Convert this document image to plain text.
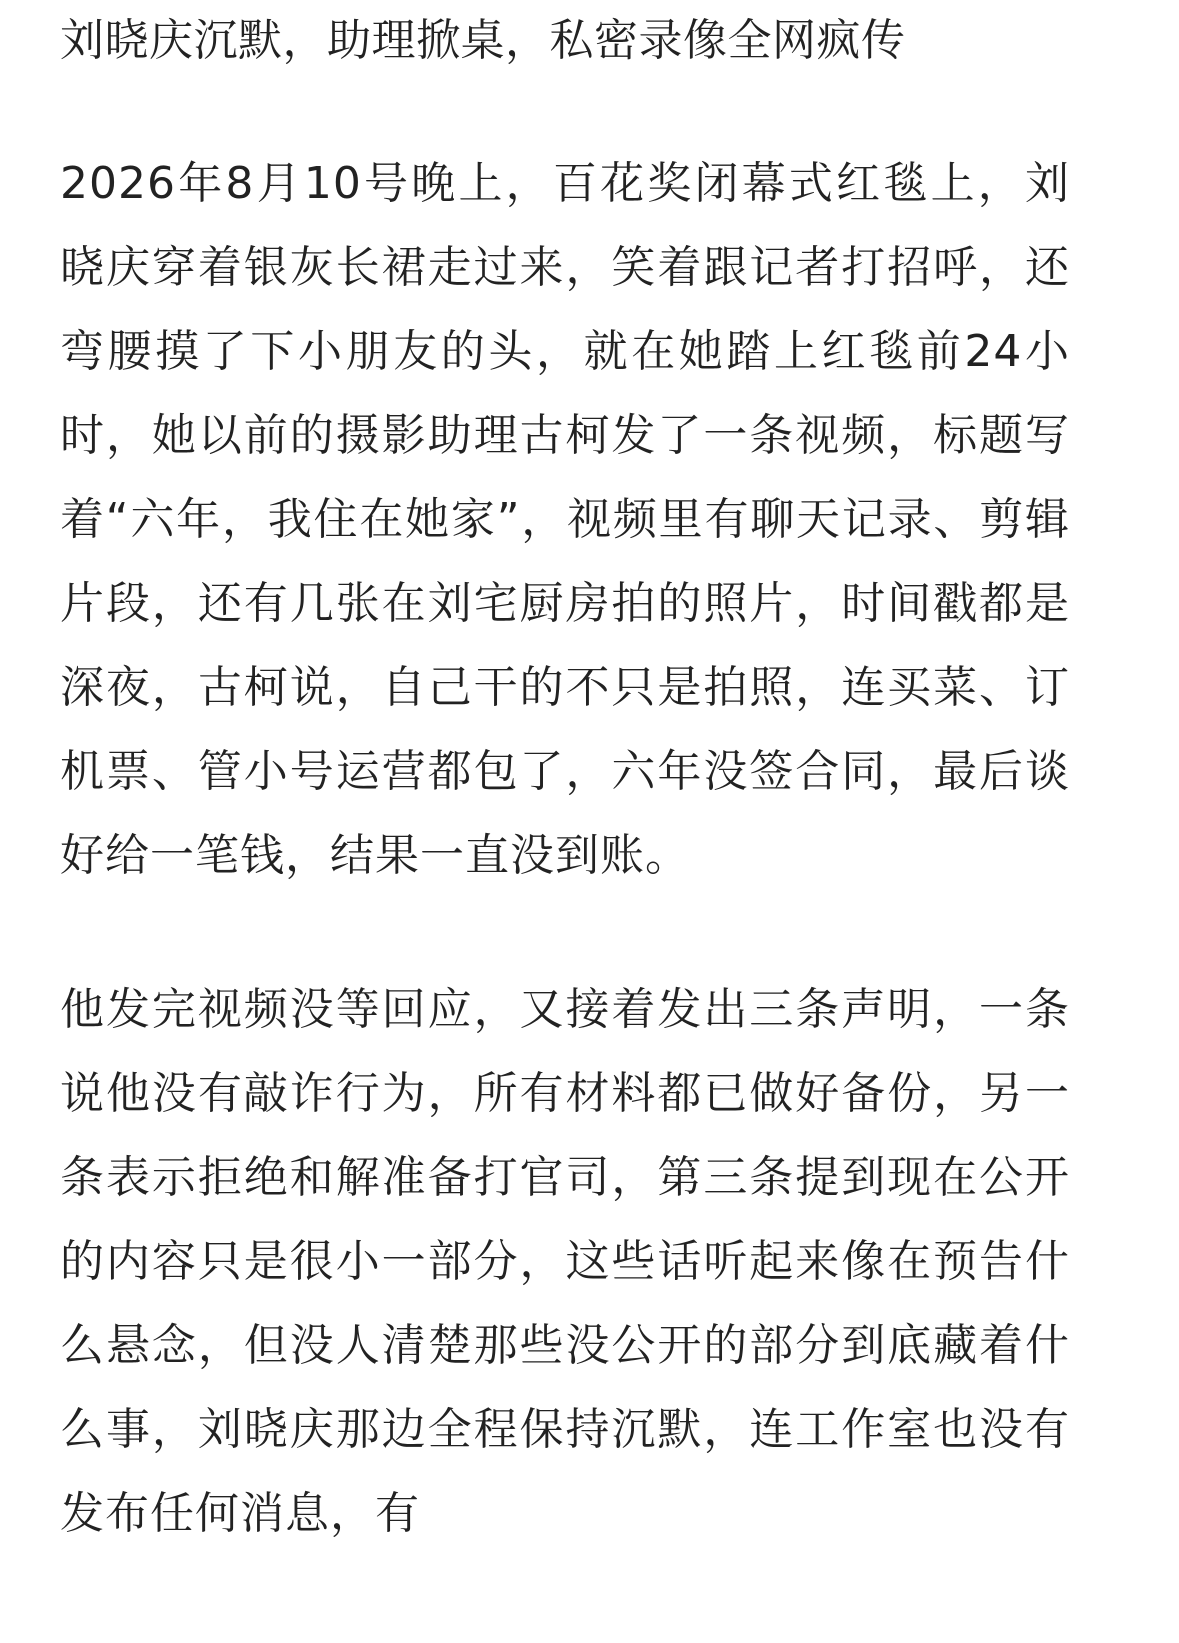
刘晓庆沉默，助理掀桌，私密录像全网疯传

2026年8月10号晚上，百花奖闭幕式红毯上，刘晓庆穿着银灰长裙走过来，笑着跟记者打招呼，还弯腰摸了下小朋友的头，就在她踏上红毯前24小时，她以前的摄影助理古柯发了一条视频，标题写着“六年，我住在她家”，视频里有聊天记录、剪辑片段，还有几张在刘宅厨房拍的照片，时间戳都是深夜，古柯说，自己干的不只是拍照，连买菜、订机票、管小号运营都包了，六年没签合同，最后谈好给一笔钱，结果一直没到账。

他发完视频没等回应，又接着发出三条声明，一条说他没有敲诈行为，所有材料都已做好备份，另一条表示拒绝和解准备打官司，第三条提到现在公开的内容只是很小一部分，这些话听起来像在预告什么悬念，但没人清楚那些没公开的部分到底藏着什么事，刘晓庆那边全程保持沉默，连工作室也没有发布任何消息，有
